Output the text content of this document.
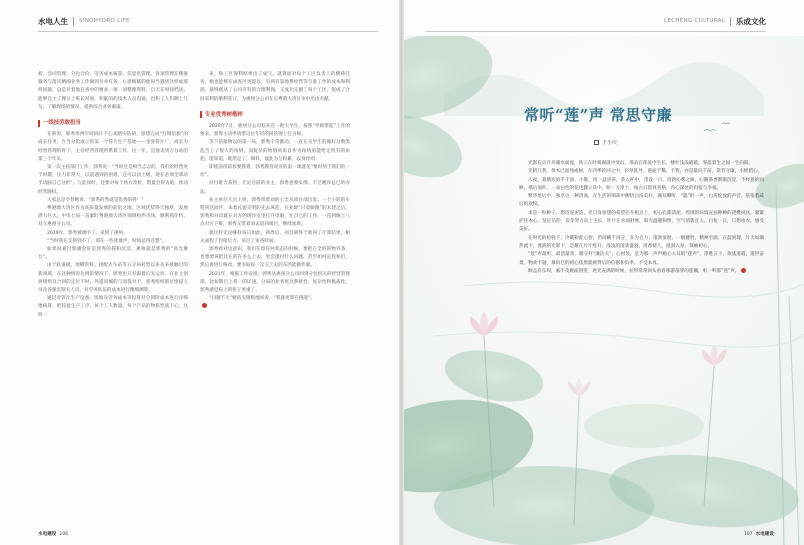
水电人生 SINOHYDRO LIFE

析、会同管理、分包计价、劳务成本核算、信息化管理。各项管理在精准服务与落实精细业务工作做到井井有条，心思细腻的他每当遇到这样或那样问题，总是对着他在查中的要求一项一项整理资料，自天在时间档送，能够自主了理分上班长时间，积累的的技术人员沟通，也和工人们聊上几句，了解现场的情况，提供综合业务素质。

一线技劳敢担当

在新湾，郭秀用两年时间片下心来踏实钻研，思想完成“打钢吊板”的成长任务，在当分馆成立的第一个管片生产基地——金誉管片厂，成长为经营管理的骨干。主持经营管理所系算工作，这一年，是他来到万分站的第三个年头。

第一次主持部门工作，郭秀说：“当时还是相当忐忑的，我们的经营处于时期，压力非常大，以前遇到的困难，还可以问上级，现在必须全部动手动脑自己分析”，与此同时，还要对每个场方改析，资量会得为道，推动经营随机。

大家总是令替她说：“郭秀的秀就是优秀的秀！”

粤港澳大湾区作为高质量发展的前沿之地，区域优势得天独厚，发展潜力巨大。中电七局一直紧盯粤港澳大湾区领域构件市场，顺利抓住机，双立惠州分公司。

2019年，郭秀被调中了，来到了惠州。

“当时我在支援到不了，那在一些犹豫声，时间总得首想”。

如果说嘉过郭潘金好是郭秀的探和沉淀，惠州就是郭秀的“高光舞台”。

由于轨道板、剪横管桩、接配式车站等五分局转型以来从来接触过的新领域，在这种情况先例的情况下，郭秀也只有跟着后先运河，在业主创拼规则及合同的定位不时，外提问城的与而我对于，郭秀组织班过组提人员及各强室制关人员，对劳务队伍的成本进行精细测算。

通过对管片生产设备、场地及劳务成本等投算对分到阶成本进行详细地核算，把较盈生产工序、每个工人数量、每个产品的物质性质下心，这样一

来，和工区保利结果出了成气。就算面对每个工区负责人的横筛任务，她也能够在成查区更提以，有两有氯地系经营等与准工作的成本和利润，最终既从了公司应有的合理利润，又成功完履了每个工区，促成了合同采利的顺利签订，为惠州分公司在后粤港大湾区市中出出贡献。

专业优秀树楷样

2020年7月，惠州分公司迎来首一批大学生，按照“导师带徒”工作的要求，郭秀主动申请带这位年轻的同管理上任为师。

等下前接物以的第一局，郭秀丰常激动，一直在为学生的做好分数类乱当上了很人的角情，而复杂的物情风来自作为角情的能给定机有的角把，能知道，既然是了，细样，彼此为与积累，以身作则。

即使前傍前客要我难，郭秀教育说业的第一课就是“要时刻于我们的一切”。

对付难力获得，无论目前的业主，郭秀也要头绑、不过她你总已的办法。

业主单位几点上班，郭秀带着刘的七全从项目部出发。一个小时的车程到达园区，本着礼貌交明的先去风范，在业即“讨着跟跟”的未建之后，郭秀和对员就在对方的现作室里打开电脑，忙自己的工作，一直到晚上八点对方下班，郭秀又带着刘去返回项目，继续加班。

就这样无论哪样每日如此，两周后，刘目部终于收回了计算结果，相关成程了封接后力，该过了审查时间。

郭秀看对这意识，我们在留任何状态的时候，要把在全的的物外条，也想要该把比在的在多么上去，更会提付什么问题，甚至如何定投和们，然后再进行格改，要争取每一次交上去的东西能做作紧。

2021年，根据工作安排，郭秀从惠州分公司回到分包机关的经营管理部，比如期目上将一的详速，分局的业务更具系统性、复杂性和挑战性，郭秀感觉肩上的担子更重了。

“问题不大”她依头稍稍地回说，“我就更算在挑战”。

水电建设 106
LECHENG CULTURAL 乐成文化
常听“莲”声 常思守廉
王小庆

光影在尖升舟湖水面流，风云在时晴湖就中变幻。那朵在郎爱中生长，楼叶浅浅破破，零落着生之间一生向阳。

光阴几我，黄木已面熟或树，在四季轮回之中，轻草洗导，倦面于稀，于我，亦是最向千前，常若守廉，水摇碧心。

入夜，荔塘边的半千面、小歇，用一盘清茶，茶入杯中，茂设一日，清新沁雾之味，心随茶香渐渐沉淀，不经意的回顾，那后面叶，一朵白色的花也蠢立其中，盼一方净土，枝古只留真名格，内心深处的归宿与幸福。

繁华退后中，独享这一种清高，在生活的细部中聊悟白清美好，捕耳聊听，“聪”的一声，白莲绽放的声音，依依着咸后的欢悦。

本是一粒种子，想沼泥泥选，但自身惩想的希望任在根点上，初心孔都清泥，周围的环境充扶种种的浇叠风送，紧紧护住本心，坚定信仰，发芽努力向上生长，叶片在水面舒展，阳光温暖和煦，空气清新宜人，白复一日，只想由衣，感受美好。

在时光的检验下，冷暖粉此心智，仍同曦千再分，在为自力、蓬勃发展，一级健胜，精神至颜，在蓝到理，片大如潮热流下，流淌的光影下，是耀几片片绽开，浅浅的清欢盛爱、清香使人，滋润入身，领袖初心。

“莲”声最听，最活最青，歌守好“廉洁关”，心材处，是为那一声声她心入耳的“莲声”，净胜五下，欲逃道霞，遗世奋景，物欢卡题，慕向已的初心焦黑就被得后的信据和负率，不受本真。

顾孟有东坝，素不及鹿面团望，逐光充满的时候，拉得常常回头看看那游荡穿的莲藕，听一听那“莲”声。

107 水电建设
